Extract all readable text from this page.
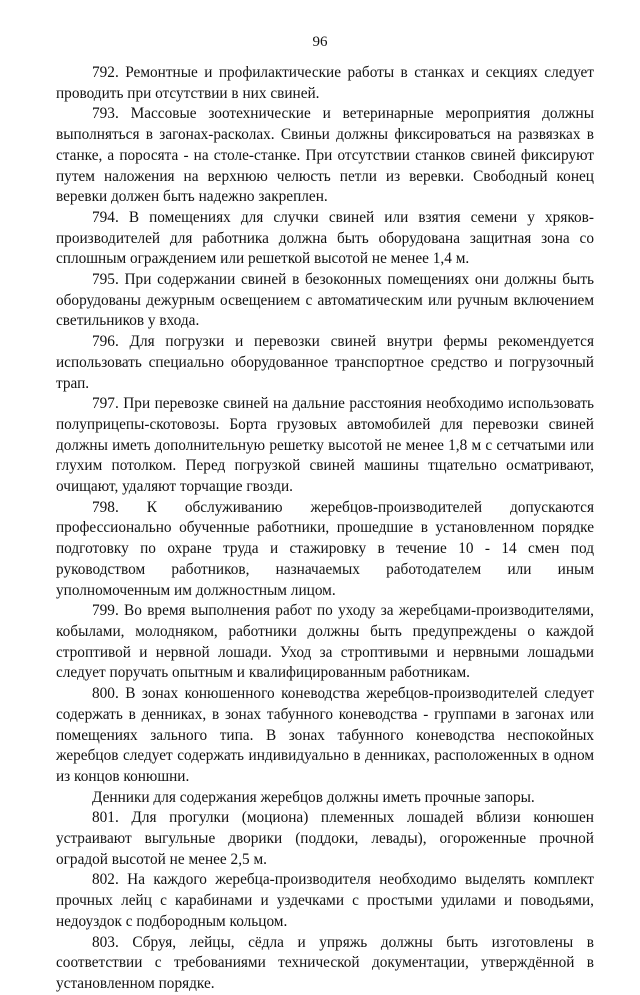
96

792. Ремонтные и профилактические работы в станках и секциях следует проводить при отсутствии в них свиней.

793. Массовые зоотехнические и ветеринарные мероприятия должны выполняться в загонах-расколах. Свиньи должны фиксироваться на развязках в станке, а поросята - на столе-станке. При отсутствии станков свиней фиксируют путем наложения на верхнюю челюсть петли из веревки. Свободный конец веревки должен быть надежно закреплен.

794. В помещениях для случки свиней или взятия семени у хряков-производителей для работника должна быть оборудована защитная зона со сплошным ограждением или решеткой высотой не менее 1,4 м.

795. При содержании свиней в безоконных помещениях они должны быть оборудованы дежурным освещением с автоматическим или ручным включением светильников у входа.

796. Для погрузки и перевозки свиней внутри фермы рекомендуется использовать специально оборудованное транспортное средство и погрузочный трап.

797. При перевозке свиней на дальние расстояния необходимо использовать полуприцепы-скотовозы. Борта грузовых автомобилей для перевозки свиней должны иметь дополнительную решетку высотой не менее 1,8 м с сетчатыми или глухим потолком. Перед погрузкой свиней машины тщательно осматривают, очищают, удаляют торчащие гвозди.

798. К обслуживанию жеребцов-производителей допускаются профессионально обученные работники, прошедшие в установленном порядке подготовку по охране труда и стажировку в течение 10 - 14 смен под руководством работников, назначаемых работодателем или иным уполномоченным им должностным лицом.

799. Во время выполнения работ по уходу за жеребцами-производителями, кобылами, молодняком, работники должны быть предупреждены о каждой строптивой и нервной лошади. Уход за строптивыми и нервными лошадьми следует поручать опытным и квалифицированным работникам.

800. В зонах конюшенного коневодства жеребцов-производителей следует содержать в денниках, в зонах табунного коневодства - группами в загонах или помещениях зального типа. В зонах табунного коневодства неспокойных жеребцов следует содержать индивидуально в денниках, расположенных в одном из концов конюшни.

Денники для содержания жеребцов должны иметь прочные запоры.

801. Для прогулки (моциона) племенных лошадей вблизи конюшен устраивают выгульные дворики (поддоки, левады), огороженные прочной оградой высотой не менее 2,5 м.

802. На каждого жеребца-производителя необходимо выделять комплект прочных лейц с карабинами и уздечками с простыми удилами и поводьями, недоуздок с подбородным кольцом.

803. Сбруя, лейцы, сёдла и упряжь должны быть изготовлены в соответствии с требованиями технической документации, утверждённой в установленном порядке.
